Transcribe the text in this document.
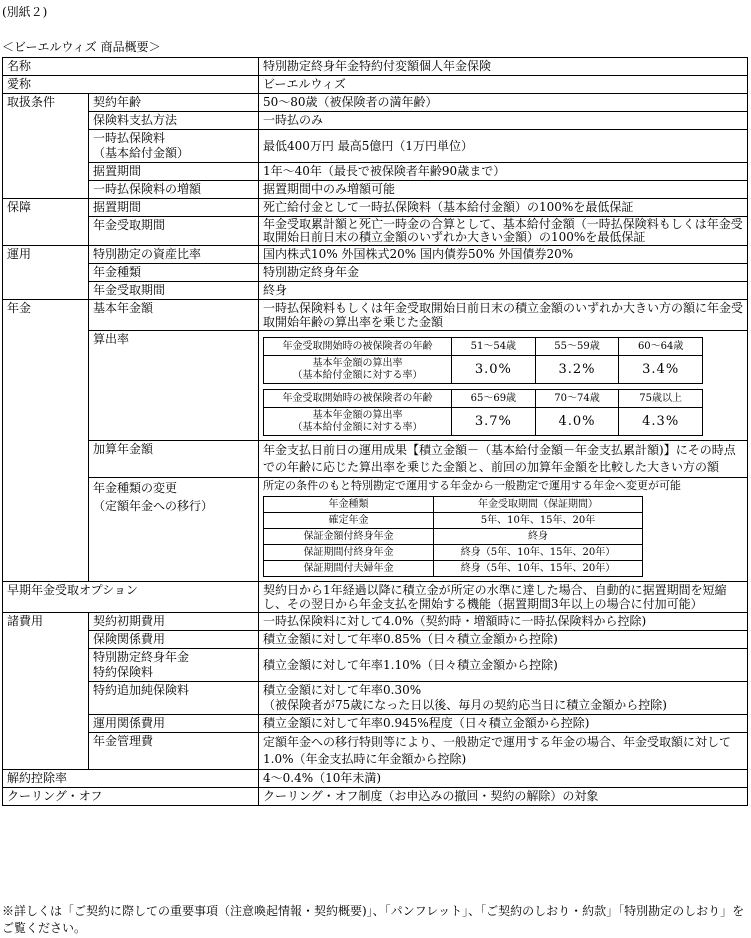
(別紙２)
＜ビーエルウィズ 商品概要＞
名称	特別勘定終身年金特約付変額個人年金保険
愛称	ビーエルウィズ
取扱条件	契約年齢	50～80歳（被保険者の満年齢）
保険料支払方法	一時払のみ

一時払保険料
（基本給付金額）
	最低400万円 最高5億円（1万円単位）
据置期間	1年～40年（最長で被保険者年齢90歳まで）
一時払保険料の増額	据置期間中のみ増額可能
保障	据置期間	死亡給付金として一時払保険料（基本給付金額）の100%を最低保証
年金受取期間	年金受取累計額と死亡一時金の合算として、基本給付金額（一時払保険料もしくは年金受取開始日前日末の積立金額のいずれか大きい金額）の100%を最低保証
運用	特別勘定の資産比率	国内株式10% 外国株式20% 国内債券50% 外国債券20%
年金種類	特別勘定終身年金
年金受取期間	終身
年金	基本年金額	一時払保険料もしくは年金受取開始日前日末の積立金額のいずれか大きい方の額に年金受取開始年齢の算出率を乗じた金額
算出率		年金受取開始時の被保険者の年齢	51～54歳	55～59歳	60～64歳

基本年金額の算出率
（基本給付金額に対する率）	3.0%	3.2%	3.4%
年金受取開始時の被保険者の年齢	65～69歳	70～74歳	75歳以上

基本年金額の算出率
（基本給付金額に対する率）	3.7%	4.0%	4.3%

加算年金額	年金支払日前日の運用成果【積立金額－（基本給付金額－年金支払累計額)】にその時点での年齢に応じた算出率を乗じた金額と、前回の加算年金額を比較した大きい方の額

年金種類の変更
（定額年金への移行）

所定の条件のもと特別勘定で運用する年金から一般勘定で運用する年金へ変更が可能
年金種類	年金受取期間（保証期間）
確定年金	5年、10年、15年、20年
保証金額付終身年金	終身
保証期間付終身年金	終身（5年、10年、15年、20年）
保証期間付夫婦年金	終身（5年、10年、15年、20年）

早期年金受取オプション	契約日から1年経過以降に積立金が所定の水準に達した場合、自動的に据置期間を短縮し、その翌日から年金支払を開始する機能（据置期間3年以上の場合に付加可能）
諸費用	契約初期費用	一時払保険料に対して4.0%（契約時・増額時に一時払保険料から控除)
保険関係費用	積立金額に対して年率0.85%（日々積立金額から控除)

特別勘定終身年金
特約保険料
	積立金額に対して年率1.10%（日々積立金額から控除)
特約追加純保険料	積立金額に対して年率0.30%
（被保険者が75歳になった日以後、毎月の契約応当日に積立金額から控除)

運用関係費用	積立金額に対して年率0.945%程度（日々積立金額から控除)
年金管理費	定額年金への移行特則等により、一般勘定で運用する年金の場合、年金受取額に対して1.0%（年金支払時に年金額から控除)
解約控除率	4～0.4%（10年未満)
クーリング・オフ	クーリング・オフ制度（お申込みの撤回・契約の解除）の対象
※詳しくは「ご契約に際しての重要事項（注意喚起情報・契約概要)」、「パンフレット」、「ご契約のしおり・約款」「特別勘定のしおり」をご覧ください。
